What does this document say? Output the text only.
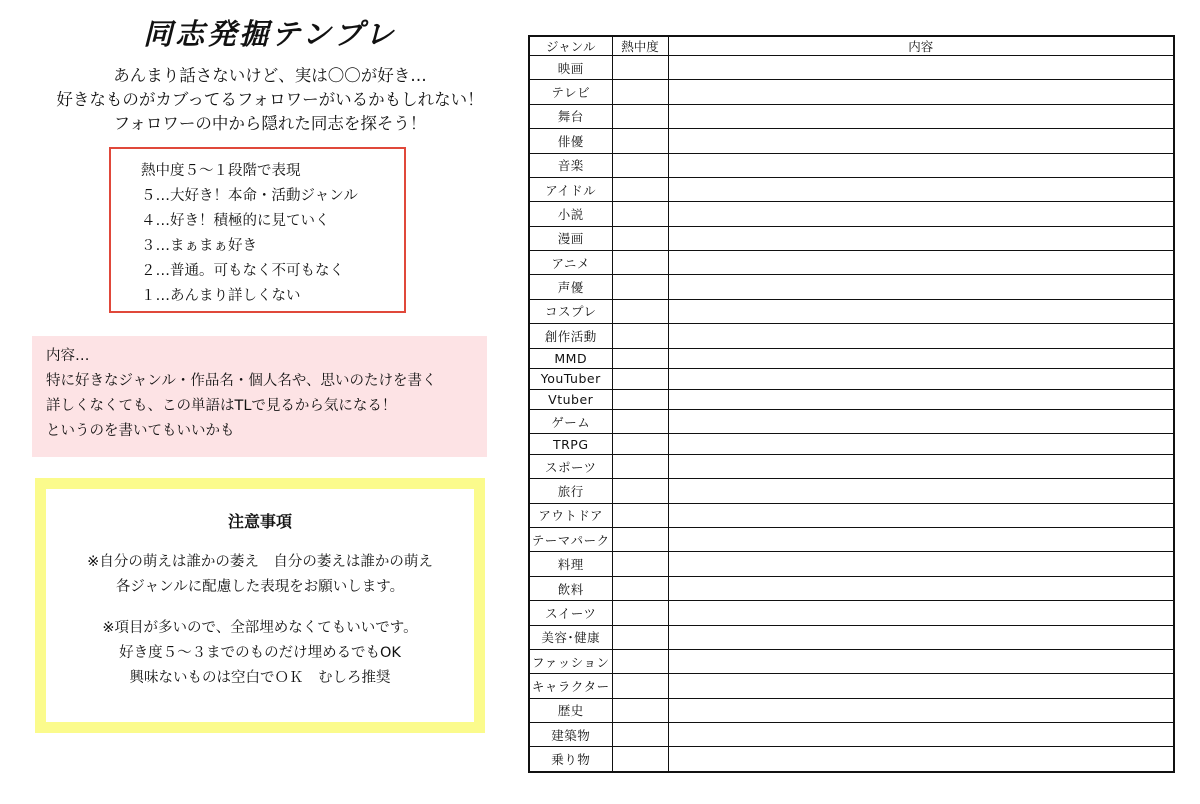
同志発掘テンプレ
あんまり話さないけど、実は〇〇が好き…
好きなものがカブってるフォロワーがいるかもしれない！
フォロワーの中から隠れた同志を探そう！
熱中度５～１段階で表現
５…大好き！本命・活動ジャンル
４…好き！積極的に見ていく
３…まぁまぁ好き
２…普通。可もなく不可もなく
１…あんまり詳しくない
内容…
特に好きなジャンル・作品名・個人名や、思いのたけを書く
詳しくなくても、この単語はTLで見るから気になる！
というのを書いてもいいかも
注意事項
※自分の萌えは誰かの萎え　自分の萎えは誰かの萌え
各ジャンルに配慮した表現をお願いします。
※項目が多いので、全部埋めなくてもいいです。
好き度５～３までのものだけ埋めるでもOK
興味ないものは空白でＯＫ　むしろ推奨
ジャンル	熱中度	内容
映画		
テレビ		
舞台		
俳優		
音楽		
アイドル		
小説		
漫画		
アニメ		
声優		
コスプレ		
創作活動		
MMD		
YouTuber		
Vtuber		
ゲーム		
TRPG		
スポーツ		
旅行		
アウトドア		
テーマパーク		
料理		
飲料		
スイーツ		
美容･健康		
ファッション		
キャラクター		
歴史		
建築物		
乗り物		
